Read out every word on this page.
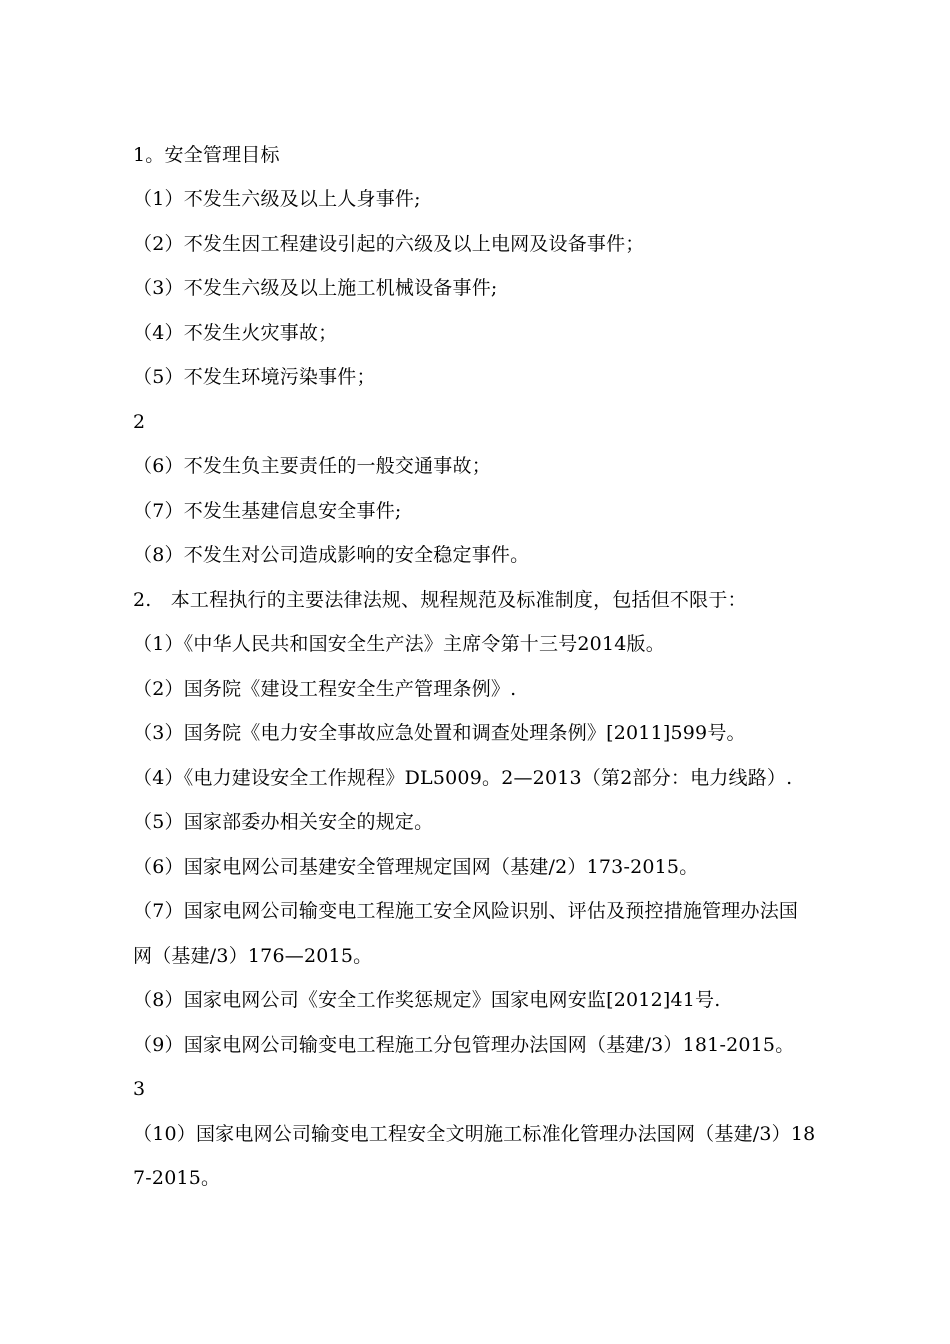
1。安全管理目标
（1）不发生六级及以上人身事件;
（2）不发生因工程建设引起的六级及以上电网及设备事件；
（3）不发生六级及以上施工机械设备事件;
（4）不发生火灾事故；
（5）不发生环境污染事件；
2
（6）不发生负主要责任的一般交通事故；
（7）不发生基建信息安全事件;
（8）不发生对公司造成影响的安全稳定事件。
2.　本工程执行的主要法律法规、规程规范及标准制度，包括但不限于：
（1）《中华人民共和国安全生产法》主席令第十三号2014版。
（2）国务院《建设工程安全生产管理条例》.
（3）国务院《电力安全事故应急处置和调查处理条例》[2011]599号。
（4）《电力建设安全工作规程》DL5009。2—2013（第2部分：电力线路）.
（5）国家部委办相关安全的规定。
（6）国家电网公司基建安全管理规定国网（基建/2）173-2015。
（7）国家电网公司输变电工程施工安全风险识别、评估及预控措施管理办法国
网（基建/3）176—2015。
（8）国家电网公司《安全工作奖惩规定》国家电网安监[2012]41号.
（9）国家电网公司输变电工程施工分包管理办法国网（基建/3）181-2015。
3
（10）国家电网公司输变电工程安全文明施工标准化管理办法国网（基建/3）18
7-2015。
